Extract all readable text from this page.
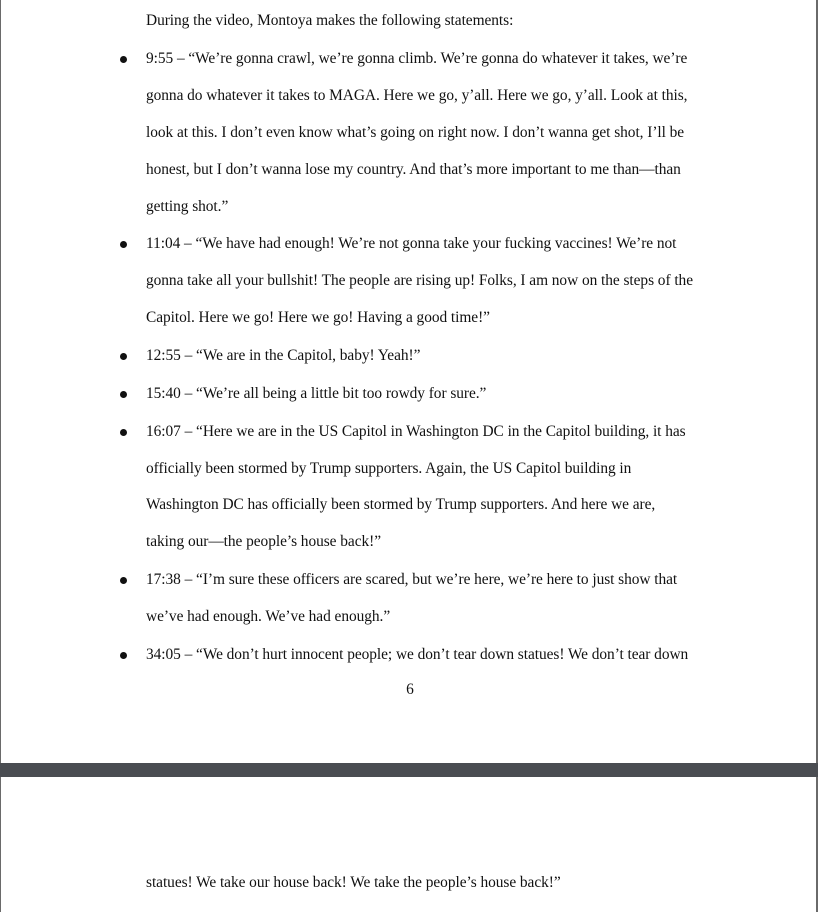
During the video, Montoya makes the following statements:
9:55 – “We’re gonna crawl, we’re gonna climb. We’re gonna do whatever it takes, we’re
gonna do whatever it takes to MAGA. Here we go, y’all. Here we go, y’all. Look at this,
look at this. I don’t even know what’s going on right now. I don’t wanna get shot, I’ll be
honest, but I don’t wanna lose my country. And that’s more important to me than—than
getting shot.”
11:04 – “We have had enough! We’re not gonna take your fucking vaccines! We’re not
gonna take all your bullshit! The people are rising up! Folks, I am now on the steps of the
Capitol. Here we go! Here we go! Having a good time!”
12:55 – “We are in the Capitol, baby! Yeah!”
15:40 – “We’re all being a little bit too rowdy for sure.”
16:07 – “Here we are in the US Capitol in Washington DC in the Capitol building, it has
officially been stormed by Trump supporters. Again, the US Capitol building in
Washington DC has officially been stormed by Trump supporters. And here we are,
taking our—the people’s house back!”
17:38 – “I’m sure these officers are scared, but we’re here, we’re here to just show that
we’ve had enough. We’ve had enough.”
34:05 – “We don’t hurt innocent people; we don’t tear down statues! We don’t tear down
6
statues! We take our house back! We take the people’s house back!”
